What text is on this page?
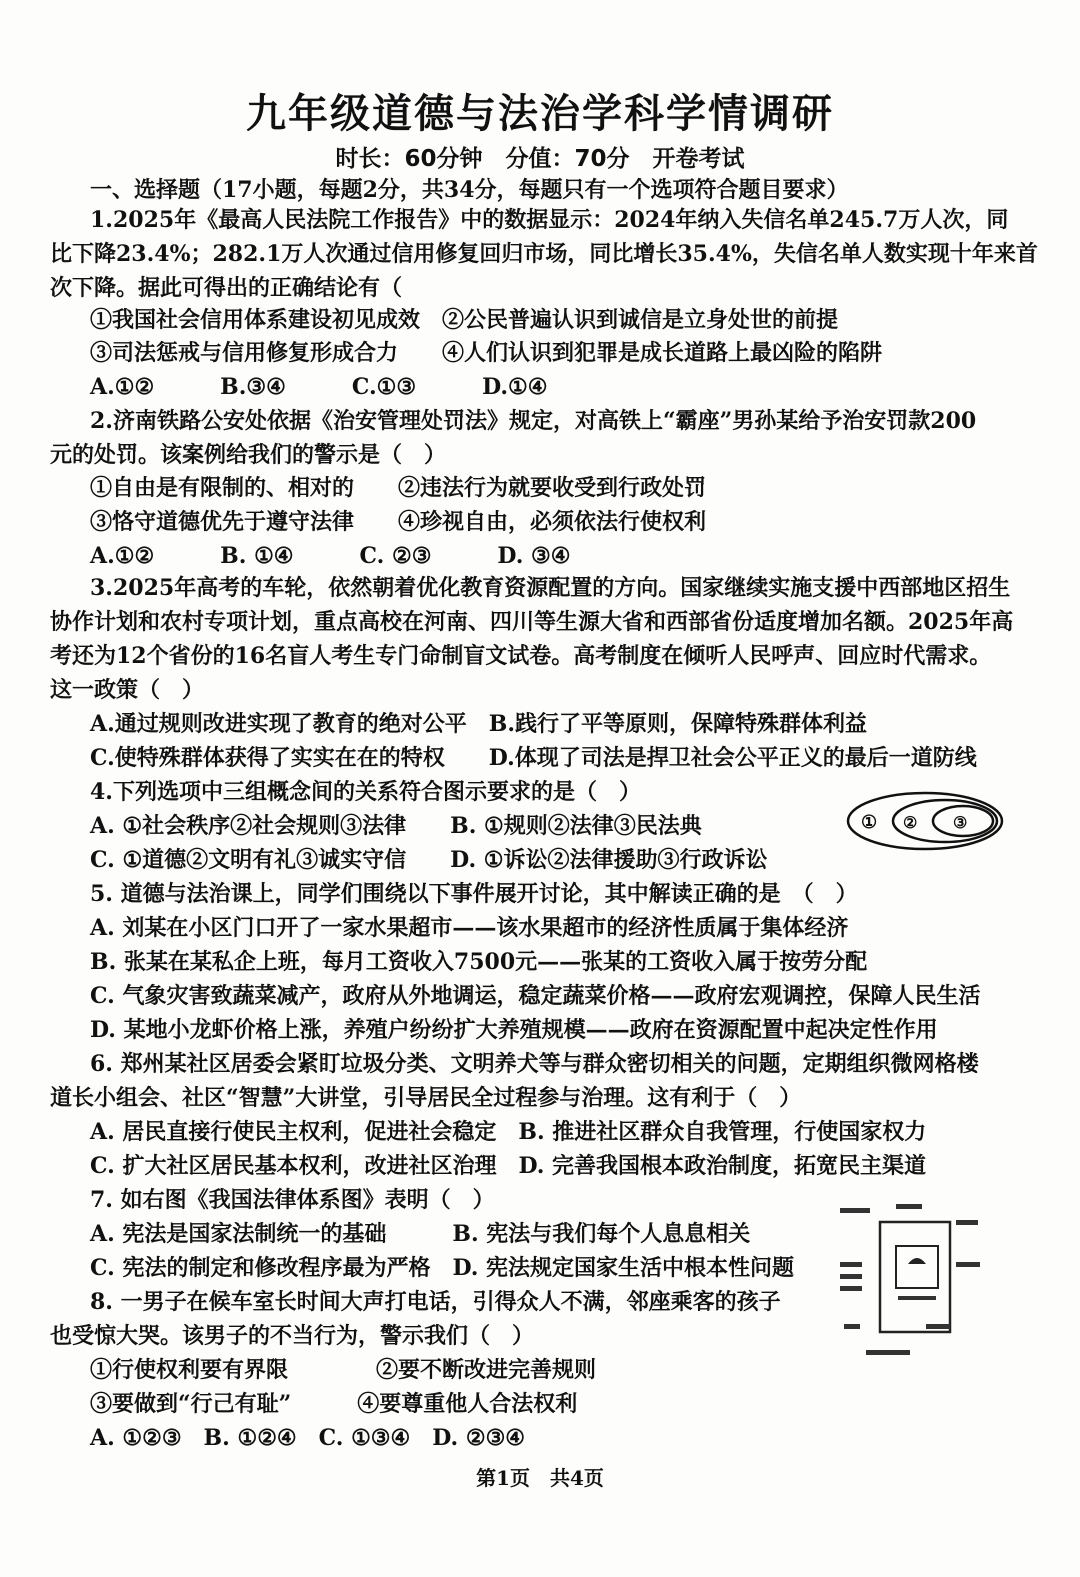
九年级道德与法治学科学情调研
时长：60分钟　分值：70分　开卷考试
一、选择题（17小题，每题2分，共34分，每题只有一个选项符合题目要求）
1.2025年《最高人民法院工作报告》中的数据显示：2024年纳入失信名单245.7万人次，同
比下降23.4%；282.1万人次通过信用修复回归市场，同比增长35.4%，失信名单人数实现十年来首
次下降。据此可得出的正确结论有（
①我国社会信用体系建设初见成效　②公民普遍认识到诚信是立身处世的前提
③司法惩戒与信用修复形成合力　　④人们认识到犯罪是成长道路上最凶险的陷阱
A.①②　　　B.③④　　　C.①③　　　D.①④
2.济南铁路公安处依据《治安管理处罚法》规定，对高铁上“霸座”男孙某给予治安罚款200
元的处罚。该案例给我们的警示是（　）
①自由是有限制的、相对的　　②违法行为就要收受到行政处罚
③恪守道德优先于遵守法律　　④珍视自由，必须依法行使权利
A.①②　　　B. ①④　　　C. ②③　　　D. ③④
3.2025年高考的车轮，依然朝着优化教育资源配置的方向。国家继续实施支援中西部地区招生
协作计划和农村专项计划，重点高校在河南、四川等生源大省和西部省份适度增加名额。2025年高
考还为12个省份的16名盲人考生专门命制盲文试卷。高考制度在倾听人民呼声、回应时代需求。
这一政策（　）
A.通过规则改进实现了教育的绝对公平　B.践行了平等原则，保障特殊群体利益
C.使特殊群体获得了实实在在的特权　　D.体现了司法是捍卫社会公平正义的最后一道防线
4.下列选项中三组概念间的关系符合图示要求的是（　）
A. ①社会秩序②社会规则③法律　　B. ①规则②法律③民法典
C. ①道德②文明有礼③诚实守信　　D. ①诉讼②法律援助③行政诉讼
5. 道德与法治课上，同学们围绕以下事件展开讨论，其中解读正确的是　（　）
A. 刘某在小区门口开了一家水果超市——该水果超市的经济性质属于集体经济
B. 张某在某私企上班，每月工资收入7500元——张某的工资收入属于按劳分配
C. 气象灾害致蔬菜减产，政府从外地调运，稳定蔬菜价格——政府宏观调控，保障人民生活
D. 某地小龙虾价格上涨，养殖户纷纷扩大养殖规模——政府在资源配置中起决定性作用
6. 郑州某社区居委会紧盯垃圾分类、文明养犬等与群众密切相关的问题，定期组织微网格楼
道长小组会、社区“智慧”大讲堂，引导居民全过程参与治理。这有利于（　）
A. 居民直接行使民主权利，促进社会稳定　B. 推进社区群众自我管理，行使国家权力
C. 扩大社区居民基本权利，改进社区治理　D. 完善我国根本政治制度，拓宽民主渠道
7. 如右图《我国法律体系图》表明（　）
A. 宪法是国家法制统一的基础　　　B. 宪法与我们每个人息息相关
C. 宪法的制定和修改程序最为严格　D. 宪法规定国家生活中根本性问题
8. 一男子在候车室长时间大声打电话，引得众人不满，邻座乘客的孩子
也受惊大哭。该男子的不当行为，警示我们（　）
①行使权利要有界限　　　　②要不断改进完善规则
③要做到“行己有耻”　　　④要尊重他人合法权利
A. ①②③　B. ①②④　C. ①③④　D. ②③④
① ② ③
第1页　共4页
